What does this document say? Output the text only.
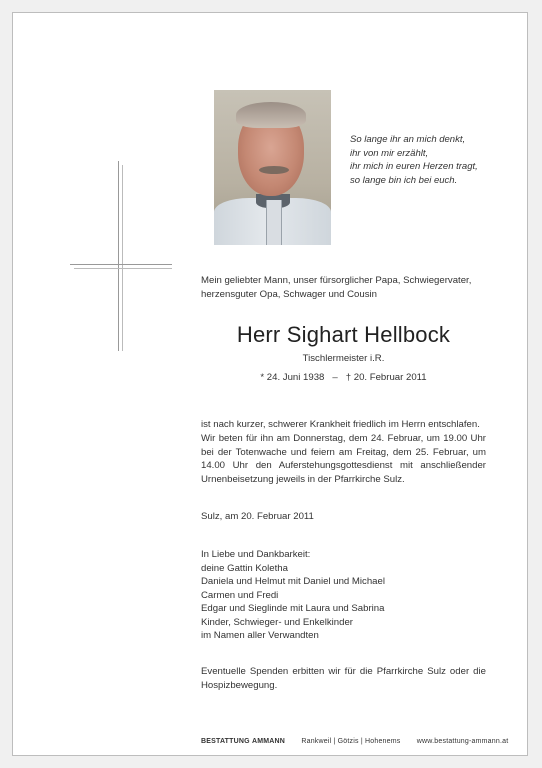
So lange ihr an mich denkt,
ihr von mir erzählt,
ihr mich in euren Herzen tragt,
so lange bin ich bei euch.
Mein geliebter Mann, unser fürsorglicher Papa, Schwiegervater, herzensguter Opa, Schwager und Cousin
Herr Sighart Hellbock
Tischlermeister i.R.
* 24. Juni 1938 – † 20. Februar 2011
ist nach kurzer, schwerer Krankheit friedlich im Herrn entschlafen.
Wir beten für ihn am Donnerstag, dem 24. Februar, um 19.00 Uhr bei der Totenwache und feiern am Freitag, dem 25. Februar, um 14.00 Uhr den Auferstehungsgottesdienst mit anschließender Urnenbeisetzung jeweils in der Pfarrkirche Sulz.
Sulz, am 20. Februar 2011
In Liebe und Dankbarkeit:
deine Gattin Koletha
Daniela und Helmut mit Daniel und Michael
Carmen und Fredi
Edgar und Sieglinde mit Laura und Sabrina
Kinder, Schwieger- und Enkelkinder
im Namen aller Verwandten
Eventuelle Spenden erbitten wir für die Pfarrkirche Sulz oder die Hospizbewegung.
BESTATTUNG AMMANN Rankweil | Götzis | Hohenems www.bestattung-ammann.at
